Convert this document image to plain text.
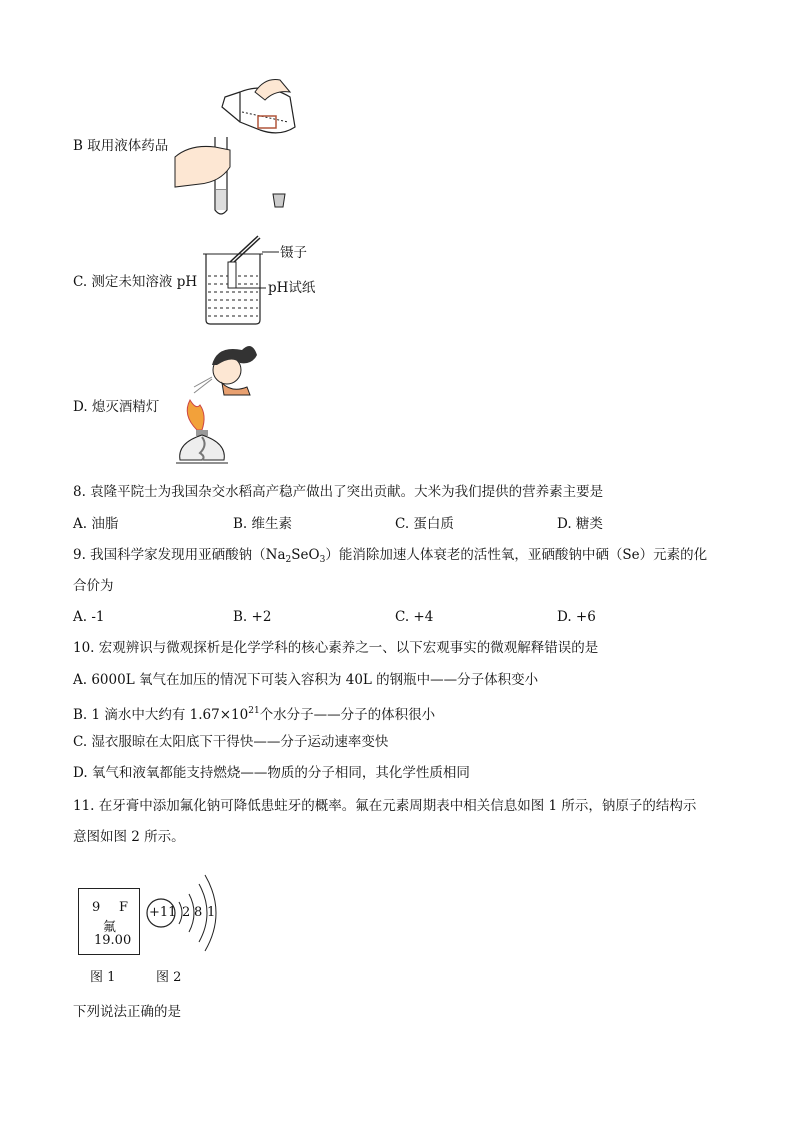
B 取用液体药品
C. 测定未知溶液 pH
镊子
pH试纸
D. 熄灭酒精灯
8. 袁隆平院士为我国杂交水稻高产稳产做出了突出贡献。大米为我们提供的营养素主要是
A. 油脂	B. 维生素	C. 蛋白质	D. 糖类
9. 我国科学家发现用亚硒酸钠$(Na_2SeO_3)$能消除加速人体衰老的活性氧，亚硒酸钠中硒（Se）元素的化
合价为
A. -1	B. +2	C. +4	D. +6
10. 宏观辨识与微观探析是化学学科的核心素养之一、以下宏观事实的微观解释错误的是
A. 6000L 氧气在加压的情况下可装入容积为 40L 的钢瓶中——分子体积变小
B. 1 滴水中大约有 $1.67\times 10^{21}$个水分子——分子的体积很小
C. 湿衣服晾在太阳底下干得快——分子运动速率变快
D. 氧气和液氧都能支持燃烧——物质的分子相同，其化学性质相同
11. 在牙膏中添加氟化钠可降低患蛀牙的概率。氟在元素周期表中相关信息如图 1 所示，钠原子的结构示
意图如图 2 所示。
9 F
氟
19.00
图 1
+11 2 8 1
图 2
下列说法正确的是
